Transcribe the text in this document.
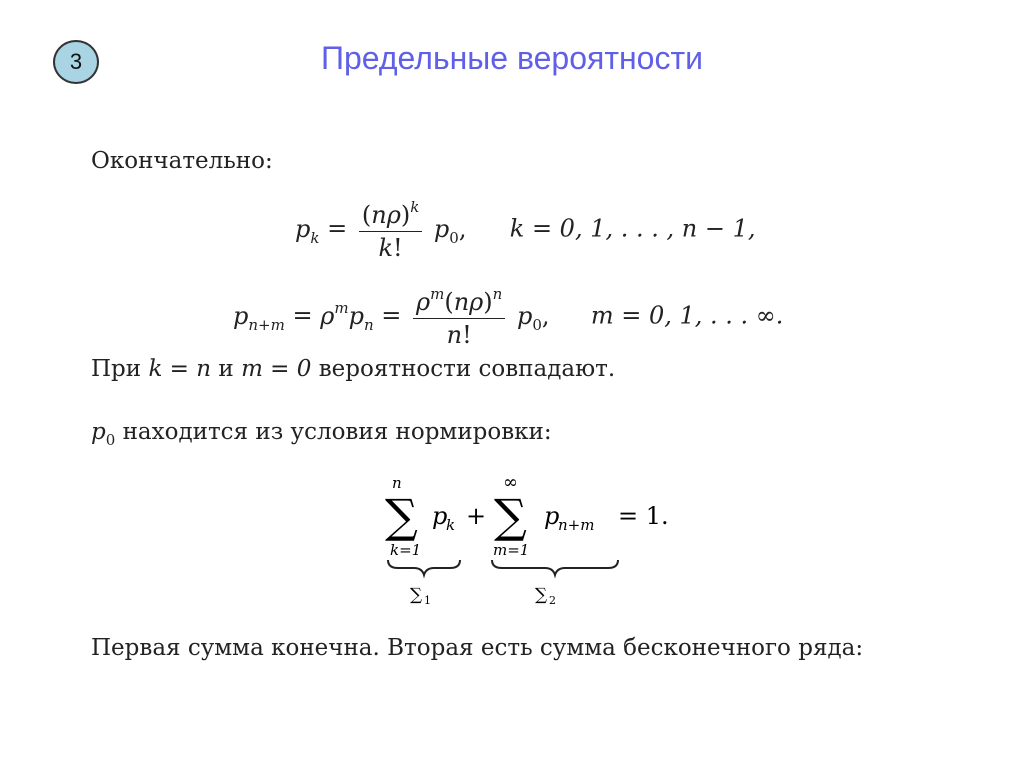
3	Предельные вероятности
Окончательно:
$p_k = \frac{(n\rho)^k}{k!} p_0$, k = 0, 1, . . . , n − 1,
$p_{n+m} = \rho^mp_n = \frac{\rho^m(n\rho)^n}{n!} p_0$, m = 0, 1, . . . ∞.
При k = n и m = 0 вероятности совпадают.
$p_0$ находится из условия нормировки:
n
∑ p
k
k=1
+
∞
∑ p
n+m
m=1
= 1.
∑ 1	∑ 2
Первая сумма конечна. Вторая есть сумма бесконечного ряда:
